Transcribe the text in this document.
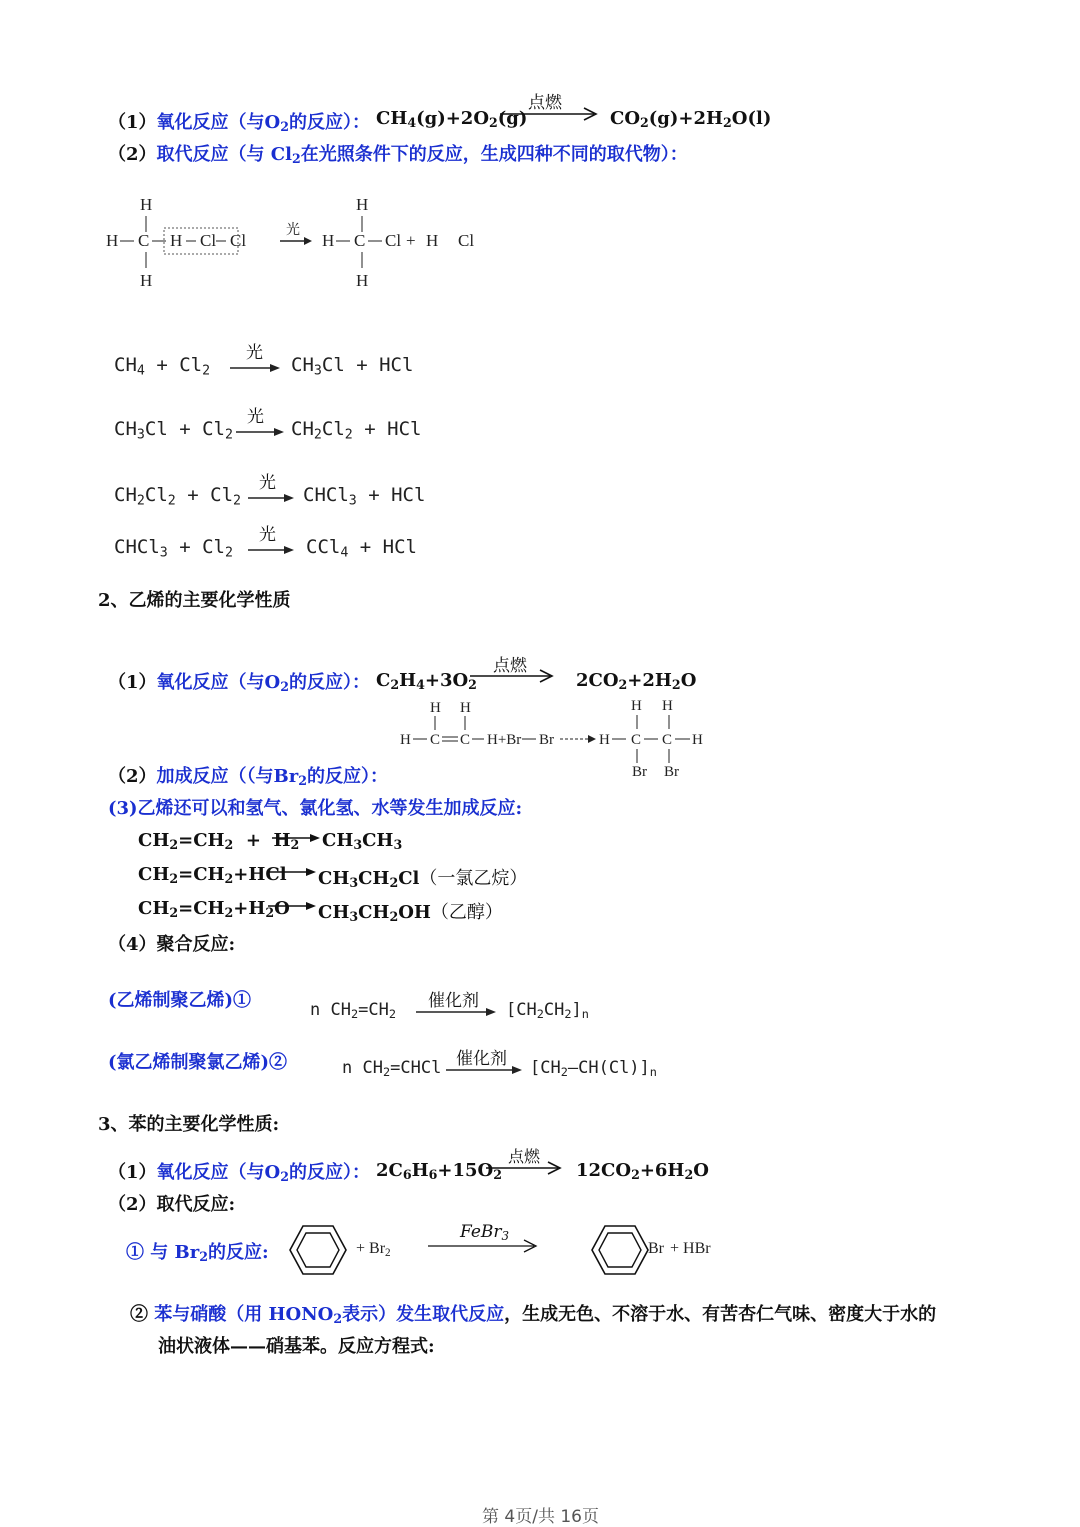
（1）氧化反应（与$O_2$的反应）： $CH_4(g)+2O_2(g)$
点燃
$CO_2(g)+2H_2O(l)$
（2）取代反应（与 $Cl_2$在光照条件下的反应，生成四种不同的取代物）：
H
H C H Cl Cl
H
光
H
H C Cl + H Cl
H
$CH_4 + Cl_2$
光
$CH_3Cl$ + HCl
$CH_3Cl + Cl_2$
光
$CH_2Cl_2$ + HCl
$CH_2Cl_2 + Cl_2$
光
CHCl$_3$ + HCl
CHCl$_3$ + $Cl_2$
光
CCl$_4$ + HCl
2、乙烯的主要化学性质
（1）氧化反应（与$O_2$的反应）： $C_2H_4+3O_2$
点燃
$2CO_2+2H_2O$
H H
H C C H+Br Br	H
H H
C C H
Br Br
（2）加成反应（（与$Br_2$的反应）：
(3)乙烯还可以和氢气、氯化氢、水等发生加成反应:
$CH_2=CH_2 + H_2$ $CH_3CH_3$
$CH_2=CH_2+HCl$ $CH_3CH_2Cl$（一氯乙烷）
$CH_2=CH_2+H_2O$ $CH_3CH_2OH$（乙醇）
（4）聚合反应:
(乙烯制聚乙烯)①	n $CH_2=CH_2$
催化剂 $[CH_2CH_2]_n$
(氯乙烯制聚氯乙烯)②	n $CH_2=CHCl$ 催化剂 $[CH_2—CH(Cl)]_n$
3、苯的主要化学性质:
（1）氧化反应（与$O_2$的反应）： $2C_6H_6+15O_2$
点燃
$12CO_2+6H_2O$
（2）取代反应:
① 与 $Br_2$的反应:	+ $Br_2$
FeBr$_3$
Br + HBr
② 苯与硝酸（用 $HONO_2$表示）发生取代反应，生成无色、不溶于水、有苦杏仁气味、密度大于水的
油状液体——硝基苯。反应方程式:
第 4页/共 16页
